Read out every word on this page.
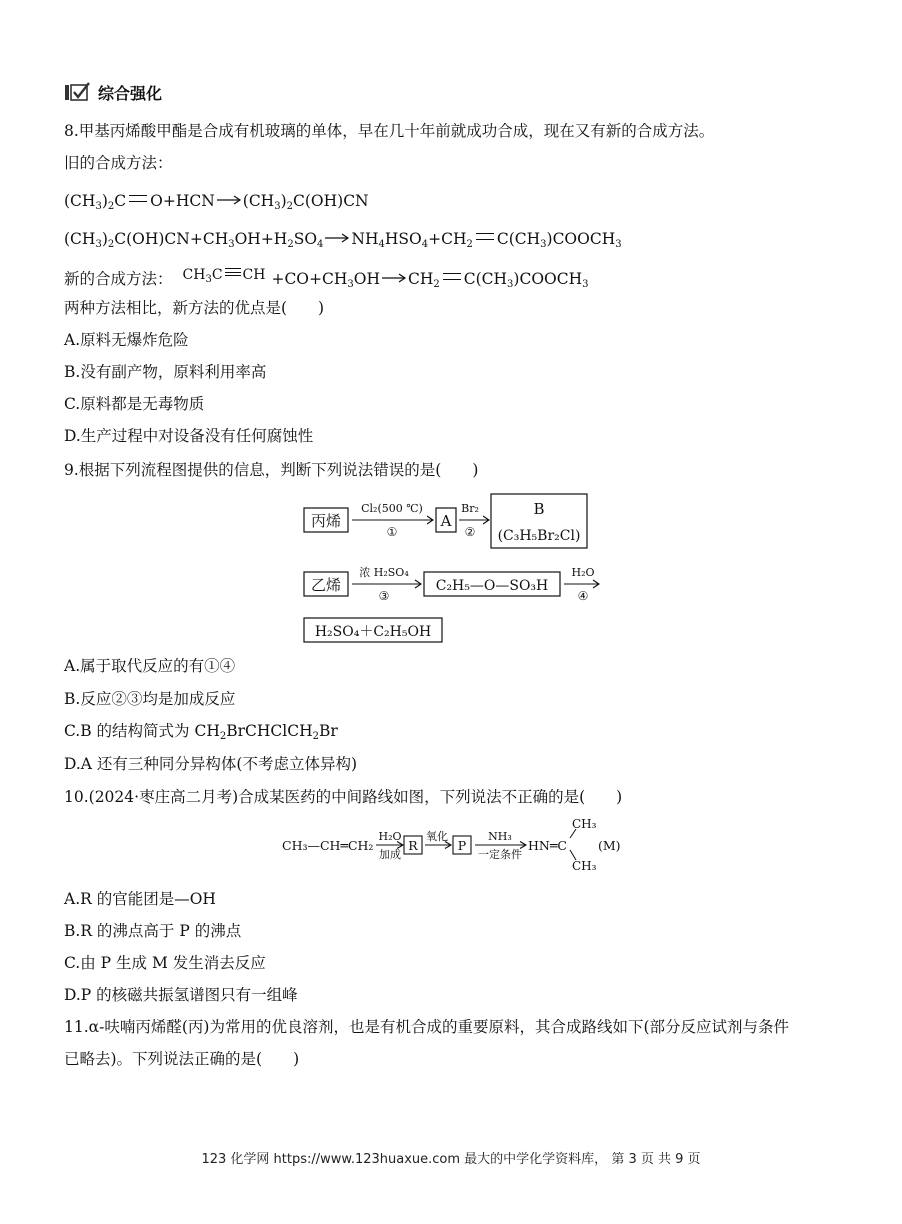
综合强化
8.甲基丙烯酸甲酯是合成有机玻璃的单体，早在几十年前就成功合成，现在又有新的合成方法。
旧的合成方法：
$(CH_3)_2C$ $O+HCN\to(CH_3)_2C(OH)CN$
$(CH_3)_2C(OH)CN+CH_3OH+H_2SO_4\to NH_4HSO_4+CH_2$ $C(CH_3)COOCH_3$
新的合成方法： $CH_3C$ CH $+CO+CH_3OH\to CH_2$ $C(CH_3)COOCH_3$
两种方法相比，新方法的优点是(　　)
A.原料无爆炸危险
B.没有副产物，原料利用率高
C.原料都是无毒物质
D.生产过程中对设备没有任何腐蚀性
9.根据下列流程图提供的信息，判断下列说法错误的是(　　)
丙烯
Cl₂(500 ℃)
①
A
Br₂
②
B
(C₃H₅Br₂Cl)
乙烯
浓 H₂SO₄
③
C₂H₅—O—SO₃H
H₂O
④
H₂SO₄＋C₂H₅OH
A.属于取代反应的有①④
B.反应②③均是加成反应
C.B 的结构简式为 $CH_2BrCHClCH_2Br$
D.A 还有三种同分异构体(不考虑立体异构)
10.(2024·枣庄高二月考)合成某医药的中间路线如图，下列说法不正确的是(　　)
CH₃—CH═CH₂
H₂O
加成
R
氧化
P
NH₃
一定条件
HN═C
CH₃
CH₃
(M)
A.R 的官能团是—OH
B.R 的沸点高于 P 的沸点
C.由 P 生成 M 发生消去反应
D.P 的核磁共振氢谱图只有一组峰
11.α-呋喃丙烯醛(丙)为常用的优良溶剂，也是有机合成的重要原料，其合成路线如下(部分反应试剂与条件
已略去)。下列说法正确的是(　　)
123 化学网 https://www.123huaxue.com 最大的中学化学资料库， 第 3 页 共 9 页
